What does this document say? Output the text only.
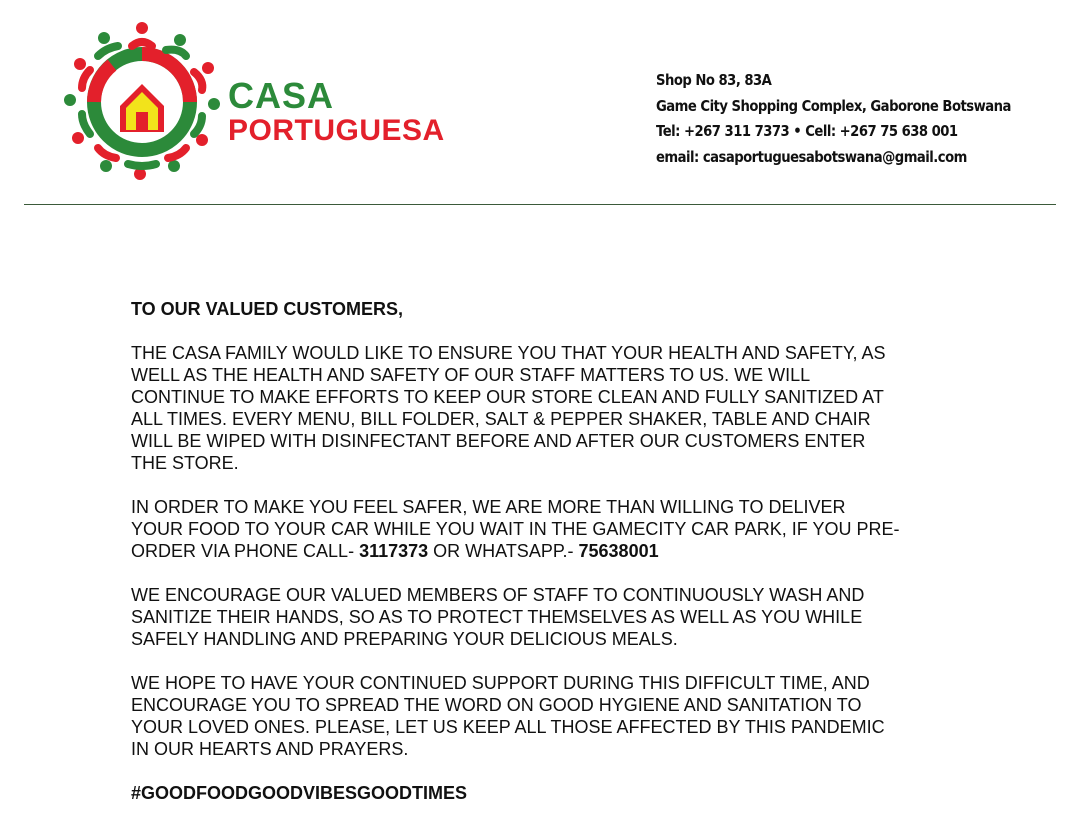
CASA
PORTUGUESA
Shop No 83, 83A
Game City Shopping Complex, Gaborone Botswana
Tel: +267 311 7373 • Cell: +267 75 638 001
email: casaportuguesabotswana@gmail.com

TO OUR VALUED CUSTOMERS,

THE CASA FAMILY WOULD LIKE TO ENSURE YOU THAT YOUR HEALTH AND SAFETY, AS
WELL AS THE HEALTH AND SAFETY OF OUR STAFF MATTERS TO US. WE WILL
CONTINUE TO MAKE EFFORTS TO KEEP OUR STORE CLEAN AND FULLY SANITIZED AT
ALL TIMES. EVERY MENU, BILL FOLDER, SALT & PEPPER SHAKER, TABLE AND CHAIR
WILL BE WIPED WITH DISINFECTANT BEFORE AND AFTER OUR CUSTOMERS ENTER
THE STORE.

IN ORDER TO MAKE YOU FEEL SAFER, WE ARE MORE THAN WILLING TO DELIVER
YOUR FOOD TO YOUR CAR WHILE YOU WAIT IN THE GAMECITY CAR PARK, IF YOU PRE-
ORDER VIA PHONE CALL- 3117373 OR WHATSAPP.- 75638001

WE ENCOURAGE OUR VALUED MEMBERS OF STAFF TO CONTINUOUSLY WASH AND
SANITIZE THEIR HANDS, SO AS TO PROTECT THEMSELVES AS WELL AS YOU WHILE
SAFELY HANDLING AND PREPARING YOUR DELICIOUS MEALS.

WE HOPE TO HAVE YOUR CONTINUED SUPPORT DURING THIS DIFFICULT TIME, AND
ENCOURAGE YOU TO SPREAD THE WORD ON GOOD HYGIENE AND SANITATION TO
YOUR LOVED ONES. PLEASE, LET US KEEP ALL THOSE AFFECTED BY THIS PANDEMIC
IN OUR HEARTS AND PRAYERS.

#GOODFOODGOODVIBESGOODTIMES
